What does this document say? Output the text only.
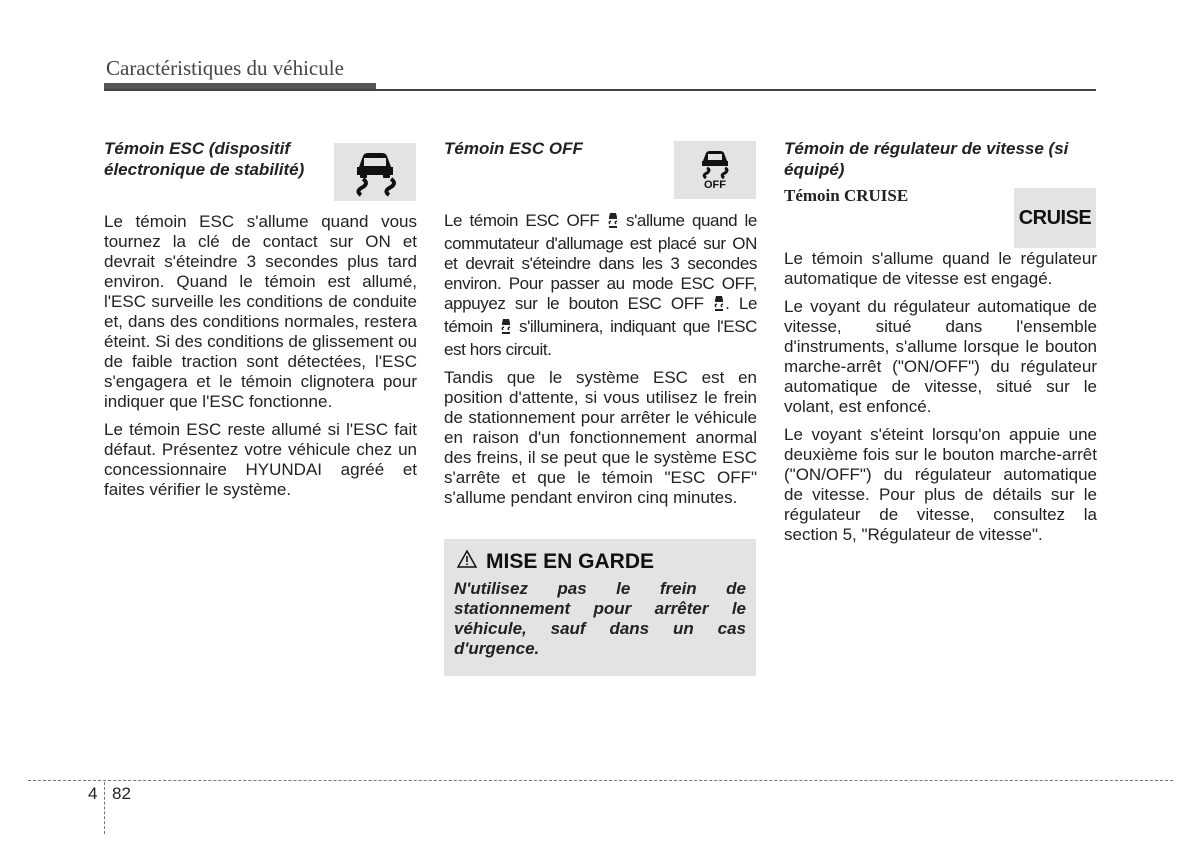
Caractéristiques du véhicule
Témoin ESC (dispositif électronique de stabilité)

Le témoin ESC s'allume quand vous tournez la clé de contact sur ON et devrait s'éteindre 3 secondes plus tard environ. Quand le témoin est allumé, l'ESC surveille les conditions de conduite et, dans des conditions normales, restera éteint. Si des conditions de glissement ou de faible traction sont détectées, l'ESC s'engagera et le témoin clignotera pour indiquer que l'ESC fonctionne.

Le témoin ESC reste allumé si l'ESC fait défaut. Présentez votre véhicule chez un concessionnaire HYUNDAI agréé et faites vérifier le système.

Témoin ESC OFF
OFF

Le témoin ESC OFF s'allume quand le commutateur d'allumage est placé sur ON et devrait s'éteindre dans les 3 secondes environ. Pour passer au mode ESC OFF, appuyez sur le bouton ESC OFF . Le témoin s'illuminera, indiquant que l'ESC est hors circuit.

Tandis que le système ESC est en position d'attente, si vous utilisez le frein de stationnement pour arrêter le véhicule en raison d'un fonctionnement anormal des freins, il se peut que le système ESC s'arrête et que le témoin "ESC OFF" s'allume pendant environ cinq minutes.

MISE EN GARDE
N'utilisez pas le frein de stationnement pour arrêter le véhicule, sauf dans un cas d'urgence.
Témoin de régulateur de vitesse (si équipé)
Témoin CRUISE
CRUISE

Le témoin s'allume quand le régulateur automatique de vitesse est engagé.

Le voyant du régulateur automatique de vitesse, situé dans l'ensemble d'instruments, s'allume lorsque le bouton marche-arrêt ("ON/OFF") du régulateur automatique de vitesse, situé sur le volant, est enfoncé.

Le voyant s'éteint lorsqu'on appuie une deuxième fois sur le bouton marche-arrêt ("ON/OFF") du régulateur automatique de vitesse. Pour plus de détails sur le régulateur de vitesse, consultez la section 5, "Régulateur de vitesse".

4 82
